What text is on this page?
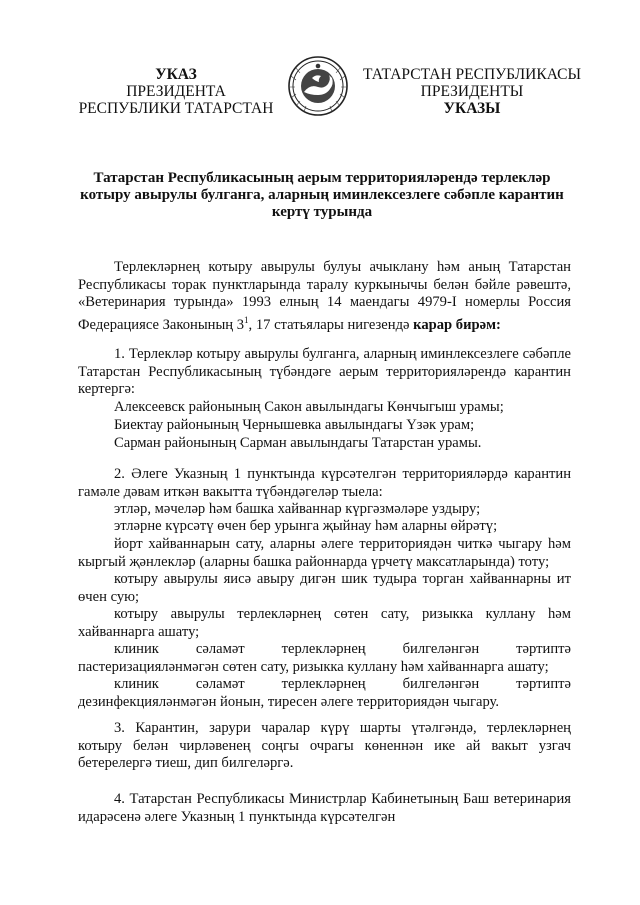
УКАЗ
ПРЕЗИДЕНТА
РЕСПУБЛИКИ ТАТАРСТАН
ТАТАРСТАН РЕСПУБЛИКАСЫ
ПРЕЗИДЕНТЫ
УКАЗЫ
Татарстан Республикасының аерым территорияләрендә терлекләр котыру авырулы булганга, аларның иминлексезлеге сәбәпле карантин кертү турында

Терлекләрнең котыру авырулы булуы ачыклану һәм аның Татарстан Республикасы торак пунктларында таралу куркынычы белән бәйле рәвештә, «Ветеринария турында» 1993 елның 14 маендагы 4979-I номерлы Россия Федерациясе Законының $3^1$, 17 статьялары нигезендә карар бирәм:

1. Терлекләр котыру авырулы булганга, аларның иминлексезлеге сәбәпле Татарстан Республикасының түбәндәге аерым территорияләрендә карантин кертергә:

Алексеевск районының Сакон авылындагы Көнчыгыш урамы;

Биектау районының Чернышевка авылындагы Үзәк урам;

Сарман районының Сарман авылындагы Татарстан урамы.

2. Әлеге Указның 1 пунктында күрсәтелгән территорияләрдә карантин гамәле дәвам иткән вакытта түбәндәгеләр тыела:

этләр, мәчеләр һәм башка хайваннар күргәзмәләре уздыру;

этләрне күрсәтү өчен бер урынга җыйнау һәм аларны өйрәтү;

йорт хайваннарын сату, аларны әлеге территориядән читкә чыгару һәм кыргый җәнлекләр (аларны башка районнарда үрчетү максатларында) тоту;

котыру авырулы яисә авыру дигән шик тудыра торган хайваннарны ит өчен сую;

котыру авырулы терлекләрнең сөтен сату, ризыкка куллану һәм хайваннарга ашату;

клиник сәламәт терлекләрнең билгеләнгән тәртиптә пастеризацияләнмәгән сөтен сату, ризыкка куллану һәм хайваннарга ашату;

клиник сәламәт терлекләрнең билгеләнгән тәртиптә дезинфекцияләнмәгән йонын, тиресен әлеге территориядән чыгару.

3. Карантин, зарури чаралар күрү шарты үтәлгәндә, терлекләрнең котыру белән чирләвенең соңгы очрагы көненнән ике ай вакыт узгач бетерелергә тиеш, дип билгеләргә.

4. Татарстан Республикасы Министрлар Кабинетының Баш ветеринария идарәсенә әлеге Указның 1 пунктында күрсәтелгән
